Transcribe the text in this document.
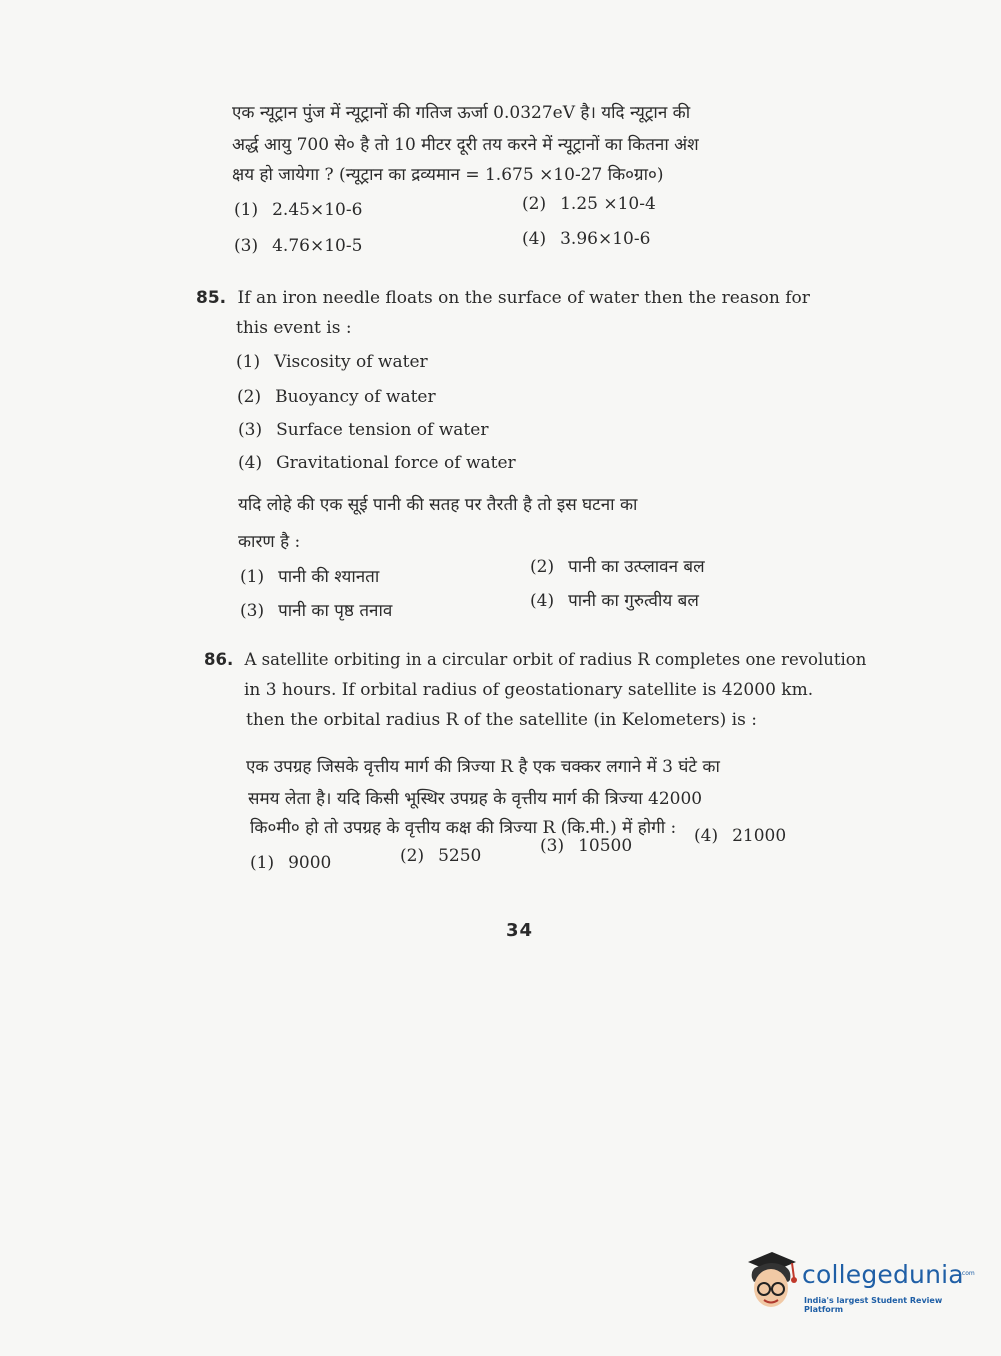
एक न्यूट्रान पुंज में न्यूट्रानों की गतिज ऊर्जा 0.0327eV है। यदि न्यूट्रान की
अर्द्ध आयु 700 से० है तो 10 मीटर दूरी तय करने में न्यूट्रानों का कितना अंश
क्षय हो जायेगा ? (न्यूट्रान का द्रव्यमान = 1.675 ×10-27 कि०ग्रा०)
(1) 2.45×10-6	(2) 1.25 ×10-4
(3) 4.76×10-5	(4) 3.96×10-6
85. If an iron needle floats on the surface of water then the reason for
this event is :
(1) Viscosity of water
(2) Buoyancy of water
(3) Surface tension of water
(4) Gravitational force of water
यदि लोहे की एक सूई पानी की सतह पर तैरती है तो इस घटना का
कारण है :
(1) पानी की श्यानता	(2) पानी का उत्प्लावन बल
(3) पानी का पृष्ठ तनाव	(4) पानी का गुरुत्वीय बल
86. A satellite orbiting in a circular orbit of radius R completes one revolution
in 3 hours. If orbital radius of geostationary satellite is 42000 km.
then the orbital radius R of the satellite (in Kelometers) is :
एक उपग्रह जिसके वृत्तीय मार्ग की त्रिज्या R है एक चक्कर लगाने में 3 घंटे का
समय लेता है। यदि किसी भूस्थिर उपग्रह के वृत्तीय मार्ग की त्रिज्या 42000
कि०मी० हो तो उपग्रह के वृत्तीय कक्ष की त्रिज्या R (कि.मी.) में होगी :
(1) 9000	(2) 5250	(3) 10500	(4) 21000
34
collegedunia
.com
India's largest Student Review Platform
